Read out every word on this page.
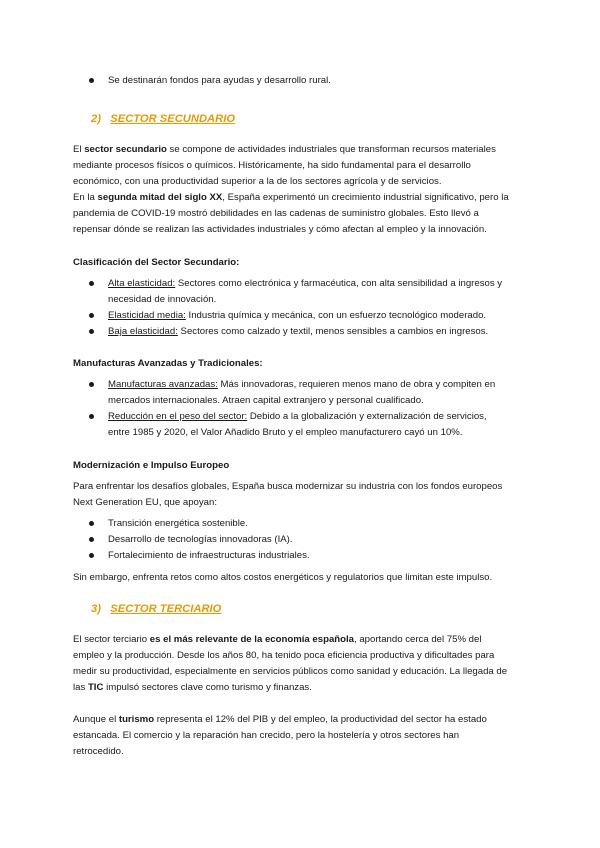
Se destinarán fondos para ayudas y desarrollo rural.
2) SECTOR SECUNDARIO
El sector secundario se compone de actividades industriales que transforman recursos materiales
mediante procesos físicos o químicos. Históricamente, ha sido fundamental para el desarrollo
económico, con una productividad superior a la de los sectores agrícola y de servicios.
En la segunda mitad del siglo XX, España experimentó un crecimiento industrial significativo, pero la
pandemia de COVID-19 mostró debilidades en las cadenas de suministro globales. Esto llevó a
repensar dónde se realizan las actividades industriales y cómo afectan al empleo y la innovación.
Clasificación del Sector Secundario:
Alta elasticidad: Sectores como electrónica y farmacéutica, con alta sensibilidad a ingresos y
necesidad de innovación.
Elasticidad media: Industria química y mecánica, con un esfuerzo tecnológico moderado.
Baja elasticidad: Sectores como calzado y textil, menos sensibles a cambios en ingresos.
Manufacturas Avanzadas y Tradicionales:
Manufacturas avanzadas: Más innovadoras, requieren menos mano de obra y compiten en
mercados internacionales. Atraen capital extranjero y personal cualificado.
Reducción en el peso del sector: Debido a la globalización y externalización de servicios,
entre 1985 y 2020, el Valor Añadido Bruto y el empleo manufacturero cayó un 10%.
Modernización e Impulso Europeo
Para enfrentar los desafíos globales, España busca modernizar su industria con los fondos europeos
Next Generation EU, que apoyan:
Transición energética sostenible.
Desarrollo de tecnologías innovadoras (IA).
Fortalecimiento de infraestructuras industriales.
Sin embargo, enfrenta retos como altos costos energéticos y regulatorios que limitan este impulso.
3) SECTOR TERCIARIO
El sector terciario es el más relevante de la economía española, aportando cerca del 75% del
empleo y la producción. Desde los años 80, ha tenido poca eficiencia productiva y dificultades para
medir su productividad, especialmente en servicios públicos como sanidad y educación. La llegada de
las TIC impulsó sectores clave como turismo y finanzas.
Aunque el turismo representa el 12% del PIB y del empleo, la productividad del sector ha estado
estancada. El comercio y la reparación han crecido, pero la hostelería y otros sectores han
retrocedido.
